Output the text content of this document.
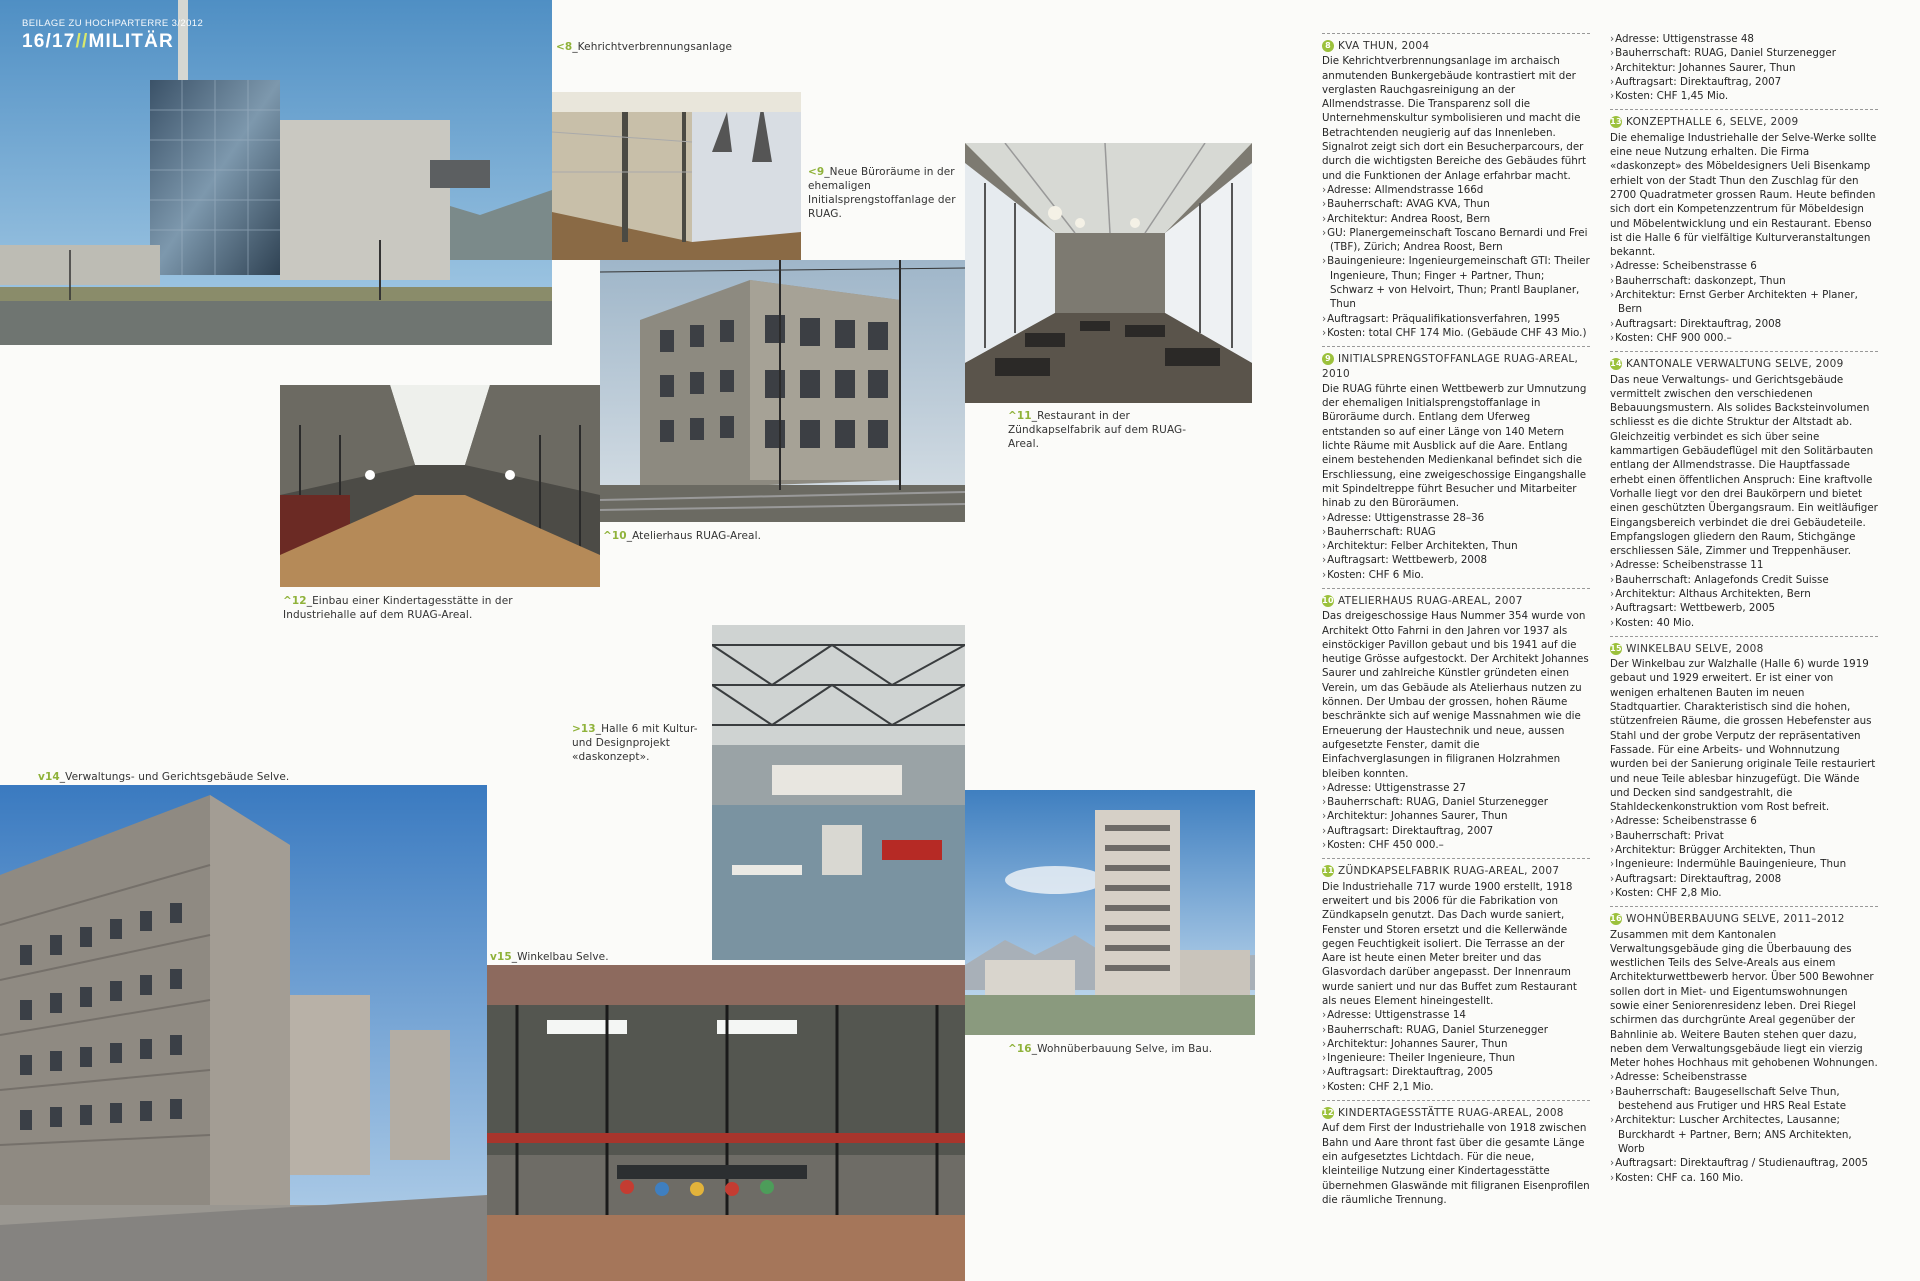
BEILAGE ZU HOCHPARTERRE 3/2012
16/17//MILITÄR	<8_Kehrichtverbrennungsanlage
<9_Neue Büroräume in der ehemaligen Initialsprengstoffanlage der RUAG.
^11_Restaurant in der Zündkapselfabrik auf dem RUAG-Areal.
^10_Atelierhaus RUAG-Areal.
^12_Einbau einer Kindertagesstätte in der Industriehalle auf dem RUAG-Areal.
>13_Halle 6 mit Kultur- und Designprojekt «daskonzept».
v14_Verwaltungs- und Gerichtsgebäude Selve.
v15_Winkelbau Selve.
^16_Wohnüberbauung Selve, im Bau.
8 KVA THUN, 2004
Die Kehrichtverbrennungsanlage im archaisch anmutenden Bunkergebäude kontrastiert mit der verglasten Rauchgasreinigung an der Allmendstrasse. Die Transparenz soll die Unternehmenskultur symbolisieren und macht die Betrachtenden neugierig auf das Innenleben. Signalrot zeigt sich dort ein Besucherparcours, der durch die wichtigsten Bereiche des Gebäudes führt und die Funktionen der Anlage erfahrbar macht.
› Adresse: Allmendstrasse 166d
› Bauherrschaft: AVAG KVA, Thun
› Architektur: Andrea Roost, Bern
› GU: Planergemeinschaft Toscano Bernardi und Frei (TBF), Zürich; Andrea Roost, Bern
› Bauingenieure: Ingenieurgemeinschaft GTI: Theiler Ingenieure, Thun; Finger + Partner, Thun; Schwarz + von Helvoirt, Thun; Prantl Bauplaner, Thun
› Auftragsart: Präqualifikationsverfahren, 1995
› Kosten: total CHF 174 Mio. (Gebäude CHF 43 Mio.)
9 INITIALSPRENGSTOFFANLAGE RUAG-AREAL, 2010
Die RUAG führte einen Wettbewerb zur Umnutzung der ehemaligen Initialsprengstoffanlage in Büroräume durch. Entlang dem Uferweg entstanden so auf einer Länge von 140 Metern lichte Räume mit Ausblick auf die Aare. Entlang einem bestehenden Medienkanal befindet sich die Erschliessung, eine zweigeschossige Eingangshalle mit Spindeltreppe führt Besucher und Mitarbeiter hinab zu den Büroräumen.
› Adresse: Uttigenstrasse 28–36
› Bauherrschaft: RUAG
› Architektur: Felber Architekten, Thun
› Auftragsart: Wettbewerb, 2008
› Kosten: CHF 6 Mio.
10 ATELIERHAUS RUAG-AREAL, 2007
Das dreigeschossige Haus Nummer 354 wurde von Architekt Otto Fahrni in den Jahren vor 1937 als einstöckiger Pavillon gebaut und bis 1941 auf die heutige Grösse aufgestockt. Der Architekt Johannes Saurer und zahlreiche Künstler gründeten einen Verein, um das Gebäude als Atelierhaus nutzen zu können. Der Umbau der grossen, hohen Räume beschränkte sich auf wenige Massnahmen wie die Erneuerung der Haustechnik und neue, aussen aufgesetzte Fenster, damit die Einfachverglasungen in filigranen Holzrahmen bleiben konnten.
› Adresse: Uttigenstrasse 27
› Bauherrschaft: RUAG, Daniel Sturzenegger
› Architektur: Johannes Saurer, Thun
› Auftragsart: Direktauftrag, 2007
› Kosten: CHF 450 000.–
11 ZÜNDKAPSELFABRIK RUAG-AREAL, 2007
Die Industriehalle 717 wurde 1900 erstellt, 1918 erweitert und bis 2006 für die Fabrikation von Zündkapseln genutzt. Das Dach wurde saniert, Fenster und Storen ersetzt und die Kellerwände gegen Feuchtigkeit isoliert. Die Terrasse an der Aare ist heute einen Meter breiter und das Glasvordach darüber angepasst. Der Innenraum wurde saniert und nur das Buffet zum Restaurant als neues Element hineingestellt.
› Adresse: Uttigenstrasse 14
› Bauherrschaft: RUAG, Daniel Sturzenegger
› Architektur: Johannes Saurer, Thun
› Ingenieure: Theiler Ingenieure, Thun
› Auftragsart: Direktauftrag, 2005
› Kosten: CHF 2,1 Mio.
12 KINDERTAGESSTÄTTE RUAG-AREAL, 2008
Auf dem First der Industriehalle von 1918 zwischen Bahn und Aare thront fast über die gesamte Länge ein aufgesetztes Lichtdach. Für die neue, kleinteilige Nutzung einer Kindertagesstätte übernehmen Glaswände mit filigranen Eisenprofilen die räumliche Trennung.
› Adresse: Uttigenstrasse 48
› Bauherrschaft: RUAG, Daniel Sturzenegger
› Architektur: Johannes Saurer, Thun
› Auftragsart: Direktauftrag, 2007
› Kosten: CHF 1,45 Mio.
13 KONZEPTHALLE 6, SELVE, 2009
Die ehemalige Industriehalle der Selve-Werke sollte eine neue Nutzung erhalten. Die Firma «daskonzept» des Möbeldesigners Ueli Bisenkamp erhielt von der Stadt Thun den Zuschlag für den 2700 Quadratmeter grossen Raum. Heute befinden sich dort ein Kompetenzzentrum für Möbeldesign und Möbelentwicklung und ein Restaurant. Ebenso ist die Halle 6 für vielfältige Kulturveranstaltungen bekannt.
› Adresse: Scheibenstrasse 6
› Bauherrschaft: daskonzept, Thun
› Architektur: Ernst Gerber Architekten + Planer, Bern
› Auftragsart: Direktauftrag, 2008
› Kosten: CHF 900 000.–
14 KANTONALE VERWALTUNG SELVE, 2009
Das neue Verwaltungs- und Gerichtsgebäude vermittelt zwischen den verschiedenen Bebauungsmustern. Als solides Backsteinvolumen schliesst es die dichte Struktur der Altstadt ab. Gleichzeitig verbindet es sich über seine kammartigen Gebäudeflügel mit den Solitärbauten entlang der Allmendstrasse. Die Hauptfassade erhebt einen öffentlichen Anspruch: Eine kraftvolle Vorhalle liegt vor den drei Baukörpern und bietet einen geschützten Übergangsraum. Ein weitläufiger Eingangsbereich verbindet die drei Gebäudeteile. Empfangslogen gliedern den Raum, Stichgänge erschliessen Säle, Zimmer und Treppenhäuser.
› Adresse: Scheibenstrasse 11
› Bauherrschaft: Anlagefonds Credit Suisse
› Architektur: Althaus Architekten, Bern
› Auftragsart: Wettbewerb, 2005
› Kosten: 40 Mio.
15 WINKELBAU SELVE, 2008
Der Winkelbau zur Walzhalle (Halle 6) wurde 1919 gebaut und 1929 erweitert. Er ist einer von wenigen erhaltenen Bauten im neuen Stadtquartier. Charakteristisch sind die hohen, stützenfreien Räume, die grossen Hebefenster aus Stahl und der grobe Verputz der repräsentativen Fassade. Für eine Arbeits- und Wohnnutzung wurden bei der Sanierung originale Teile restauriert und neue Teile ablesbar hinzugefügt. Die Wände und Decken sind sandgestrahlt, die Stahldeckenkonstruktion vom Rost befreit.
› Adresse: Scheibenstrasse 6
› Bauherrschaft: Privat
› Architektur: Brügger Architekten, Thun
› Ingenieure: Indermühle Bauingenieure, Thun
› Auftragsart: Direktauftrag, 2008
› Kosten: CHF 2,8 Mio.
16 WOHNÜBERBAUUNG SELVE, 2011–2012
Zusammen mit dem Kantonalen Verwaltungsgebäude ging die Überbauung des westlichen Teils des Selve-Areals aus einem Architekturwettbewerb hervor. Über 500 Bewohner sollen dort in Miet- und Eigentumswohnungen sowie einer Seniorenresidenz leben. Drei Riegel schirmen das durchgrünte Areal gegenüber der Bahnlinie ab. Weitere Bauten stehen quer dazu, neben dem Verwaltungsgebäude liegt ein vierzig Meter hohes Hochhaus mit gehobenen Wohnungen.
› Adresse: Scheibenstrasse
› Bauherrschaft: Baugesellschaft Selve Thun, bestehend aus Frutiger und HRS Real Estate
› Architektur: Luscher Architectes, Lausanne; Burckhardt + Partner, Bern; ANS Architekten, Worb
› Auftragsart: Direktauftrag / Studienauftrag, 2005
› Kosten: CHF ca. 160 Mio.
